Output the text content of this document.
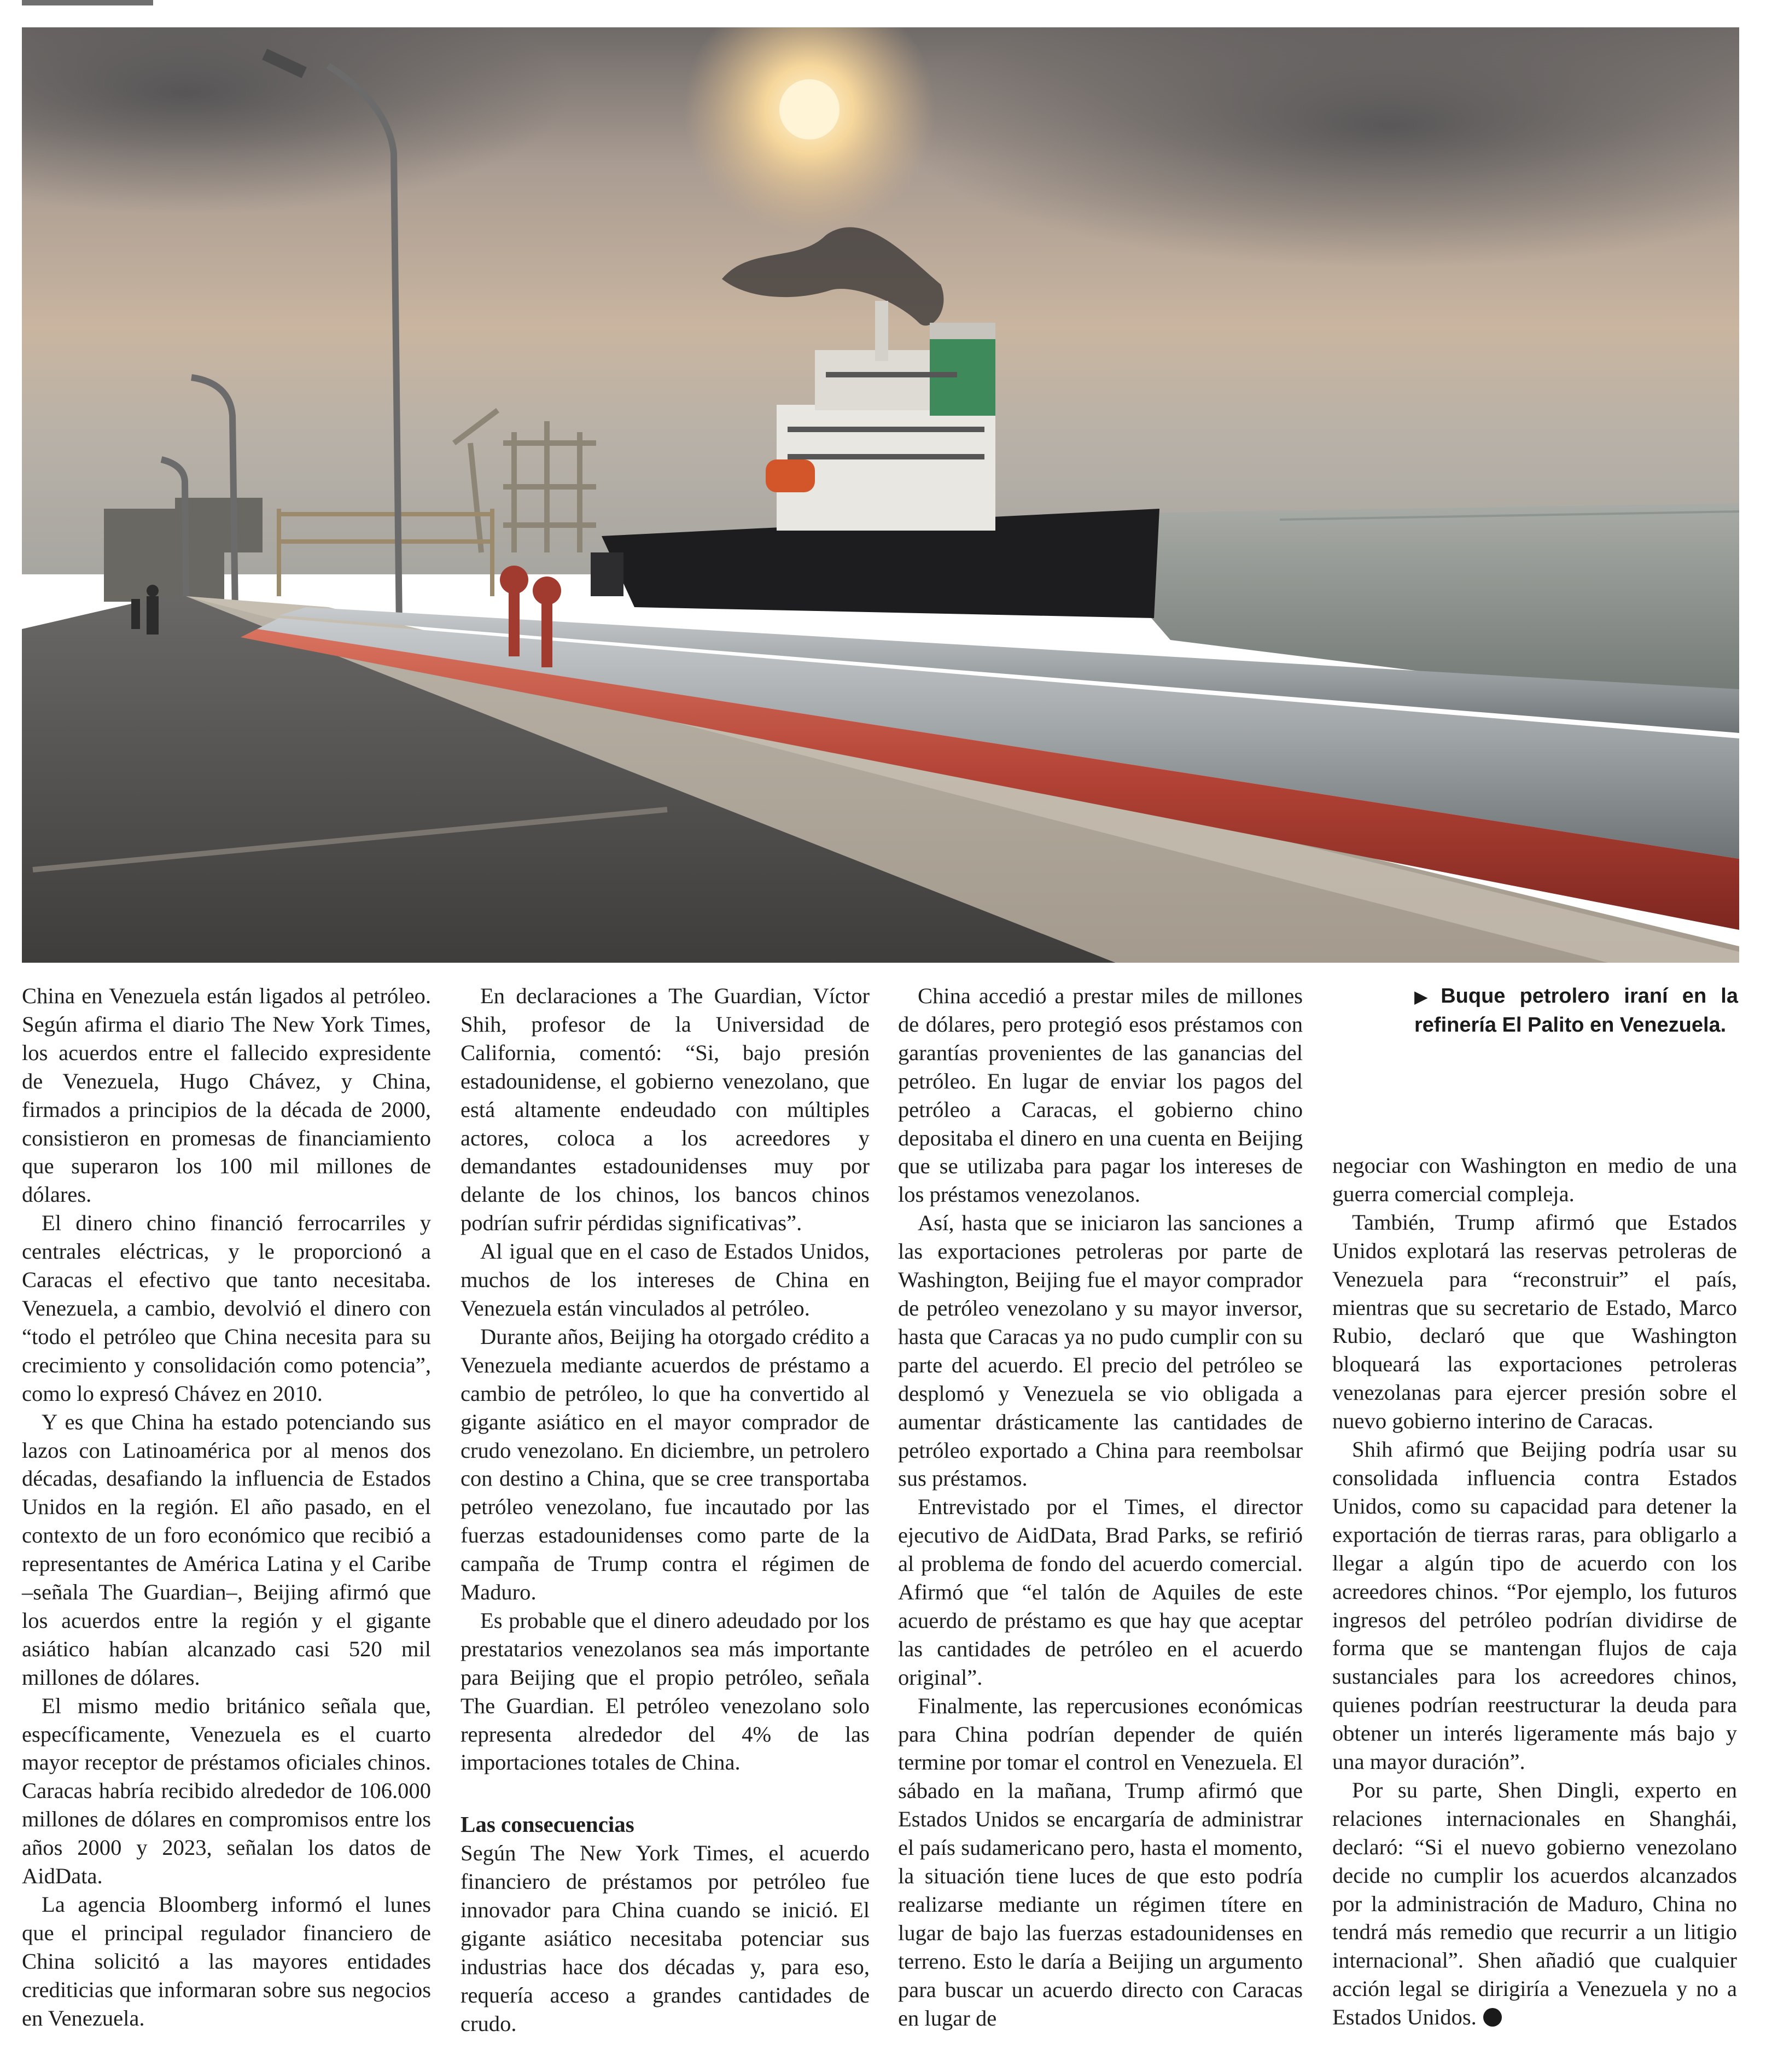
▶ Buque petrolero iraní en la refinería El Palito en Venezuela.

China en Venezuela están ligados al petróleo. Según afirma el diario The New York Times, los acuerdos entre el fallecido expresidente de Venezuela, Hugo Chávez, y China, firmados a principios de la década de 2000, consistieron en promesas de financiamiento que superaron los 100 mil millones de dólares.

El dinero chino financió ferrocarriles y centrales eléctricas, y le proporcionó a Caracas el efectivo que tanto necesitaba. Venezuela, a cambio, devolvió el dinero con “todo el petróleo que China necesita para su crecimiento y consolidación como potencia”, como lo expresó Chávez en 2010.

Y es que China ha estado potenciando sus lazos con Latinoamérica por al menos dos décadas, desafiando la influencia de Estados Unidos en la región. El año pasado, en el contexto de un foro económico que recibió a representantes de América Latina y el Caribe –señala The Guardian–, Beijing afirmó que los acuerdos entre la región y el gigante asiático habían alcanzado casi 520 mil millones de dólares.

El mismo medio británico señala que, específicamente, Venezuela es el cuarto mayor receptor de préstamos oficiales chinos. Caracas habría recibido alrededor de 106.000 millones de dólares en compromisos entre los años 2000 y 2023, señalan los datos de AidData.

La agencia Bloomberg informó el lunes que el principal regulador financiero de China solicitó a las mayores entidades crediticias que informaran sobre sus negocios en Venezuela.

En declaraciones a The Guardian, Víctor Shih, profesor de la Universidad de California, comentó: “Si, bajo presión estadounidense, el gobierno venezolano, que está altamente endeudado con múltiples actores, coloca a los acreedores y demandantes estadounidenses muy por delante de los chinos, los bancos chinos podrían sufrir pérdidas significativas”.

Al igual que en el caso de Estados Unidos, muchos de los intereses de China en Venezuela están vinculados al petróleo.

Durante años, Beijing ha otorgado crédito a Venezuela mediante acuerdos de préstamo a cambio de petróleo, lo que ha convertido al gigante asiático en el mayor comprador de crudo venezolano. En diciembre, un petrolero con destino a China, que se cree transportaba petróleo venezolano, fue incautado por las fuerzas estadounidenses como parte de la campaña de Trump contra el régimen de Maduro.

Es probable que el dinero adeudado por los prestatarios venezolanos sea más importante para Beijing que el propio petróleo, señala The Guardian. El petróleo venezolano solo representa alrededor del 4% de las importaciones totales de China.

Las consecuencias

Según The New York Times, el acuerdo financiero de préstamos por petróleo fue innovador para China cuando se inició. El gigante asiático necesitaba potenciar sus industrias hace dos décadas y, para eso, requería acceso a grandes cantidades de crudo.

China accedió a prestar miles de millones de dólares, pero protegió esos préstamos con garantías provenientes de las ganancias del petróleo. En lugar de enviar los pagos del petróleo a Caracas, el gobierno chino depositaba el dinero en una cuenta en Beijing que se utilizaba para pagar los intereses de los préstamos venezolanos.

Así, hasta que se iniciaron las sanciones a las exportaciones petroleras por parte de Washington, Beijing fue el mayor comprador de petróleo venezolano y su mayor inversor, hasta que Caracas ya no pudo cumplir con su parte del acuerdo. El precio del petróleo se desplomó y Venezuela se vio obligada a aumentar drásticamente las cantidades de petróleo exportado a China para reembolsar sus préstamos.

Entrevistado por el Times, el director ejecutivo de AidData, Brad Parks, se refirió al problema de fondo del acuerdo comercial. Afirmó que “el talón de Aquiles de este acuerdo de préstamo es que hay que aceptar las cantidades de petróleo en el acuerdo original”.

Finalmente, las repercusiones económicas para China podrían depender de quién termine por tomar el control en Venezuela. El sábado en la mañana, Trump afirmó que Estados Unidos se encargaría de administrar el país sudamericano pero, hasta el momento, la situación tiene luces de que esto podría realizarse mediante un régimen títere en lugar de bajo las fuerzas estadounidenses en terreno. Esto le daría a Beijing un argumento para buscar un acuerdo directo con Caracas en lugar de

negociar con Washington en medio de una guerra comercial compleja.

También, Trump afirmó que Estados Unidos explotará las reservas petroleras de Venezuela para “reconstruir” el país, mientras que su secretario de Estado, Marco Rubio, declaró que que Washington bloqueará las exportaciones petroleras venezolanas para ejercer presión sobre el nuevo gobierno interino de Caracas.

Shih afirmó que Beijing podría usar su consolidada influencia contra Estados Unidos, como su capacidad para detener la exportación de tierras raras, para obligarlo a llegar a algún tipo de acuerdo con los acreedores chinos. “Por ejemplo, los futuros ingresos del petróleo podrían dividirse de forma que se mantengan flujos de caja sustanciales para los acreedores chinos, quienes podrían reestructurar la deuda para obtener un interés ligeramente más bajo y una mayor duración”.

Por su parte, Shen Dingli, experto en relaciones internacionales en Shanghái, declaró: “Si el nuevo gobierno venezolano decide no cumplir los acuerdos alcanzados por la administración de Maduro, China no tendrá más remedio que recurrir a un litigio internacional”. Shen añadió que cualquier acción legal se dirigiría a Venezuela y no a Estados Unidos.
